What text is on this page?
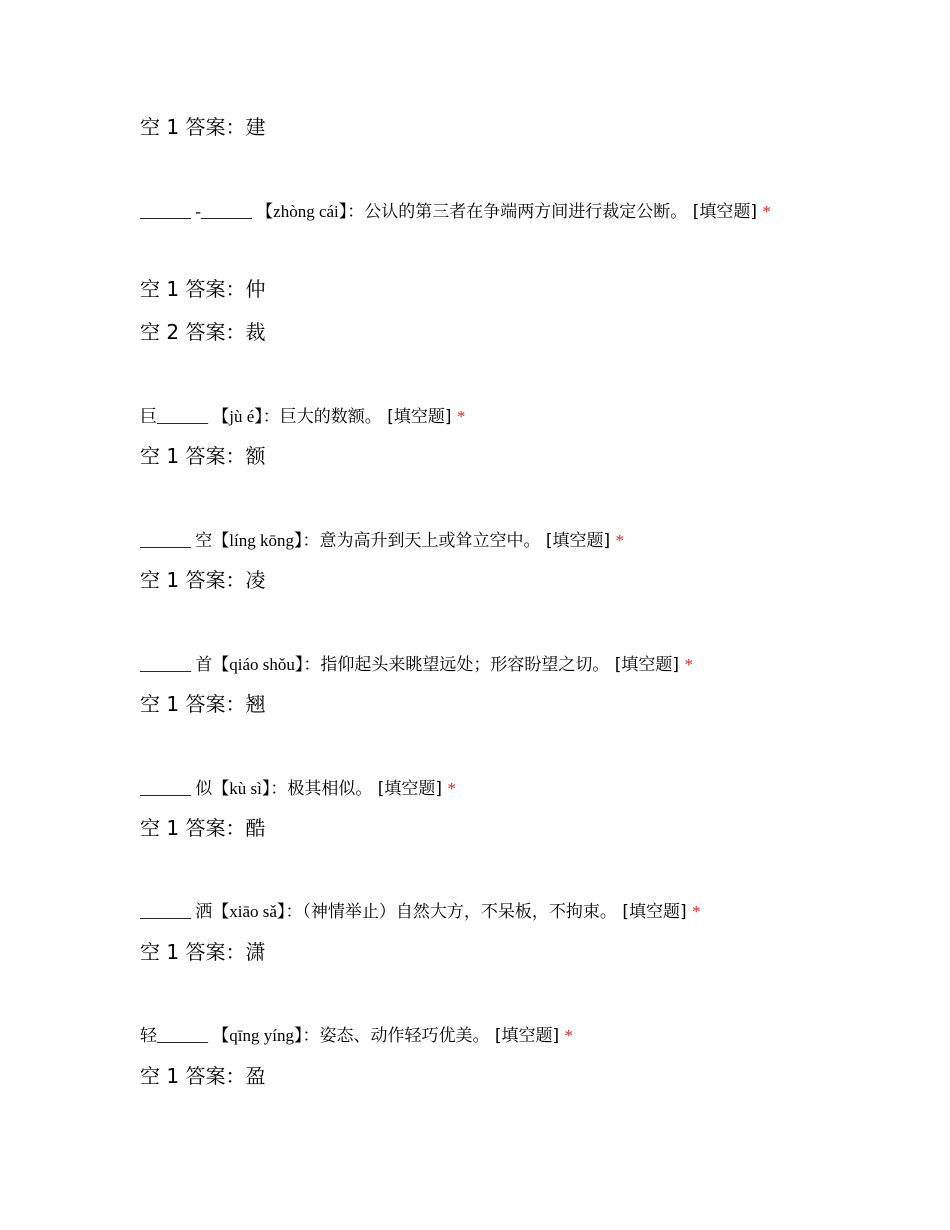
空 1 答案：建
______ -______ 【zhòng cái】：公认的第三者在争端两方间进行裁定公断。 [填空题] *
空 1 答案：仲
空 2 答案：裁
巨______ 【jù é】：巨大的数额。 [填空题] *
空 1 答案：额
______ 空【líng kōng】：意为高升到天上或耸立空中。 [填空题] *
空 1 答案：凌
______ 首【qiáo shǒu】：指仰起头来眺望远处；形容盼望之切。 [填空题] *
空 1 答案：翘
______ 似【kù sì】：极其相似。 [填空题] *
空 1 答案：酷
______ 洒【xiāo sǎ】：（神情举止）自然大方，不呆板，不拘束。 [填空题] *
空 1 答案：潇
轻______ 【qīng yíng】：姿态、动作轻巧优美。 [填空题] *
空 1 答案：盈
